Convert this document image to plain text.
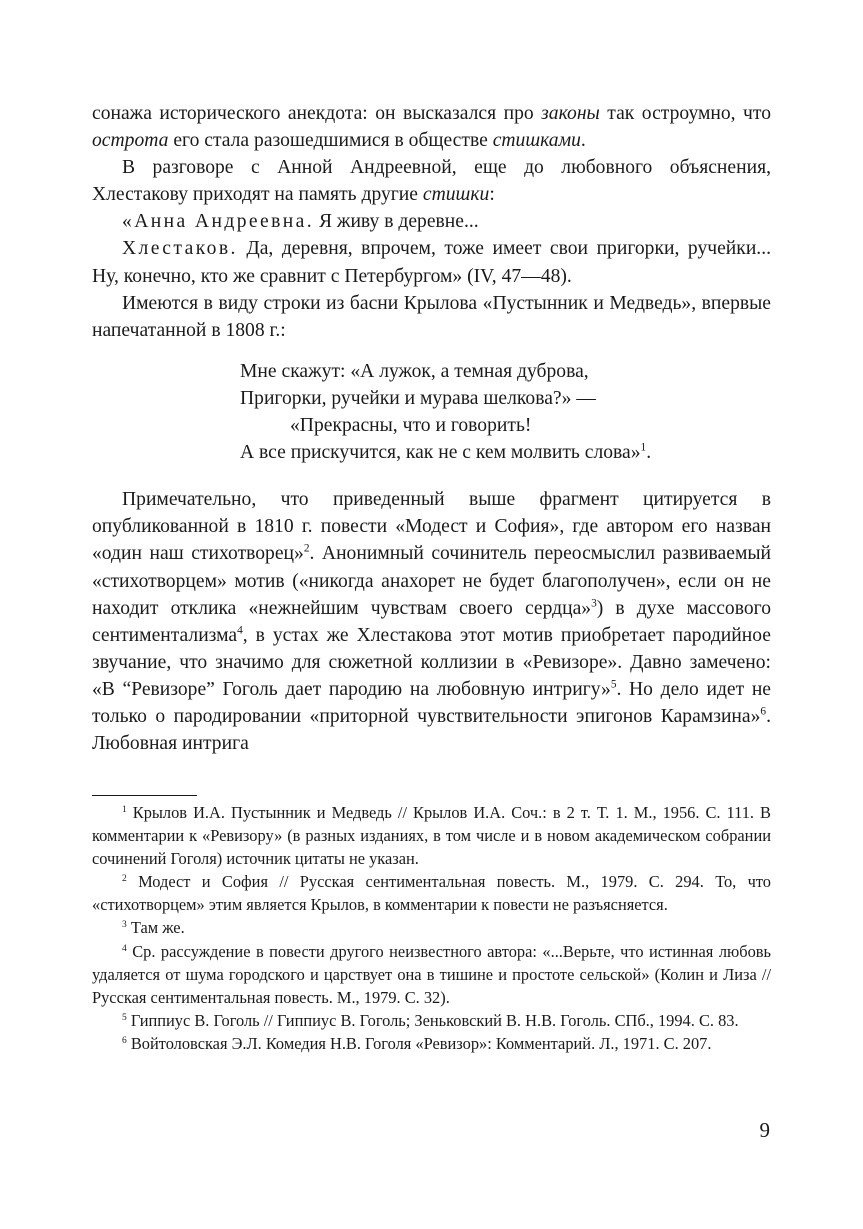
сонажа исторического анекдота: он высказался про законы так остроумно, что острота его стала разошедшимися в обществе стишками.

В разговоре с Анной Андреевной, еще до любовного объяснения, Хлестакову приходят на память другие стишки:

«Анна Андреевна. Я живу в деревне...

Хлестаков. Да, деревня, впрочем, тоже имеет свои пригорки, ручейки... Ну, конечно, кто же сравнит с Петербургом» (IV, 47—48).

Имеются в виду строки из басни Крылова «Пустынник и Медведь», впервые напечатанной в 1808 г.:

Мне скажут: «А лужок, а темная дуброва,
Пригорки, ручейки и мурава шелкова?» —
«Прекрасны, что и говорить!
А все прискучится, как не с кем молвить слова»$^1$.

Примечательно, что приведенный выше фрагмент цитируется в опубликованной в 1810 г. повести «Модест и София», где автором его назван «один наш стихотворец»$^2$. Анонимный сочинитель переосмыслил развиваемый «стихотворцем» мотив («никогда анахорет не будет благополучен», если он не находит отклика «нежнейшим чувствам своего сердца»$^3$) в духе массового сентиментализма$^4$, в устах же Хлестакова этот мотив приобретает пародийное звучание, что значимо для сюжетной коллизии в «Ревизоре». Давно замечено: «В “Ревизоре” Гоголь дает пародию на любовную интригу»$^5$. Но дело идет не только о пародировании «приторной чувствительности эпигонов Карамзина»$^6$. Любовная интрига

$^1$ Крылов И.А. Пустынник и Медведь // Крылов И.А. Соч.: в 2 т. Т. 1. М., 1956. С. 111. В комментарии к «Ревизору» (в разных изданиях, в том числе и в новом академическом собрании сочинений Гоголя) источник цитаты не указан.

$^2$ Модест и София // Русская сентиментальная повесть. М., 1979. С. 294. То, что «стихотворцем» этим является Крылов, в комментарии к повести не разъясняется.

$^3$ Там же.

$^4$ Ср. рассуждение в повести другого неизвестного автора: «...Верьте, что истинная любовь удаляется от шума городского и царствует она в тишине и простоте сельской» (Колин и Лиза // Русская сентиментальная повесть. М., 1979. С. 32).

$^5$ Гиппиус В. Гоголь // Гиппиус В. Гоголь; Зеньковский В. Н.В. Гоголь. СПб., 1994. С. 83.

$^6$ Войтоловская Э.Л. Комедия Н.В. Гоголя «Ревизор»: Комментарий. Л., 1971. С. 207.

9
